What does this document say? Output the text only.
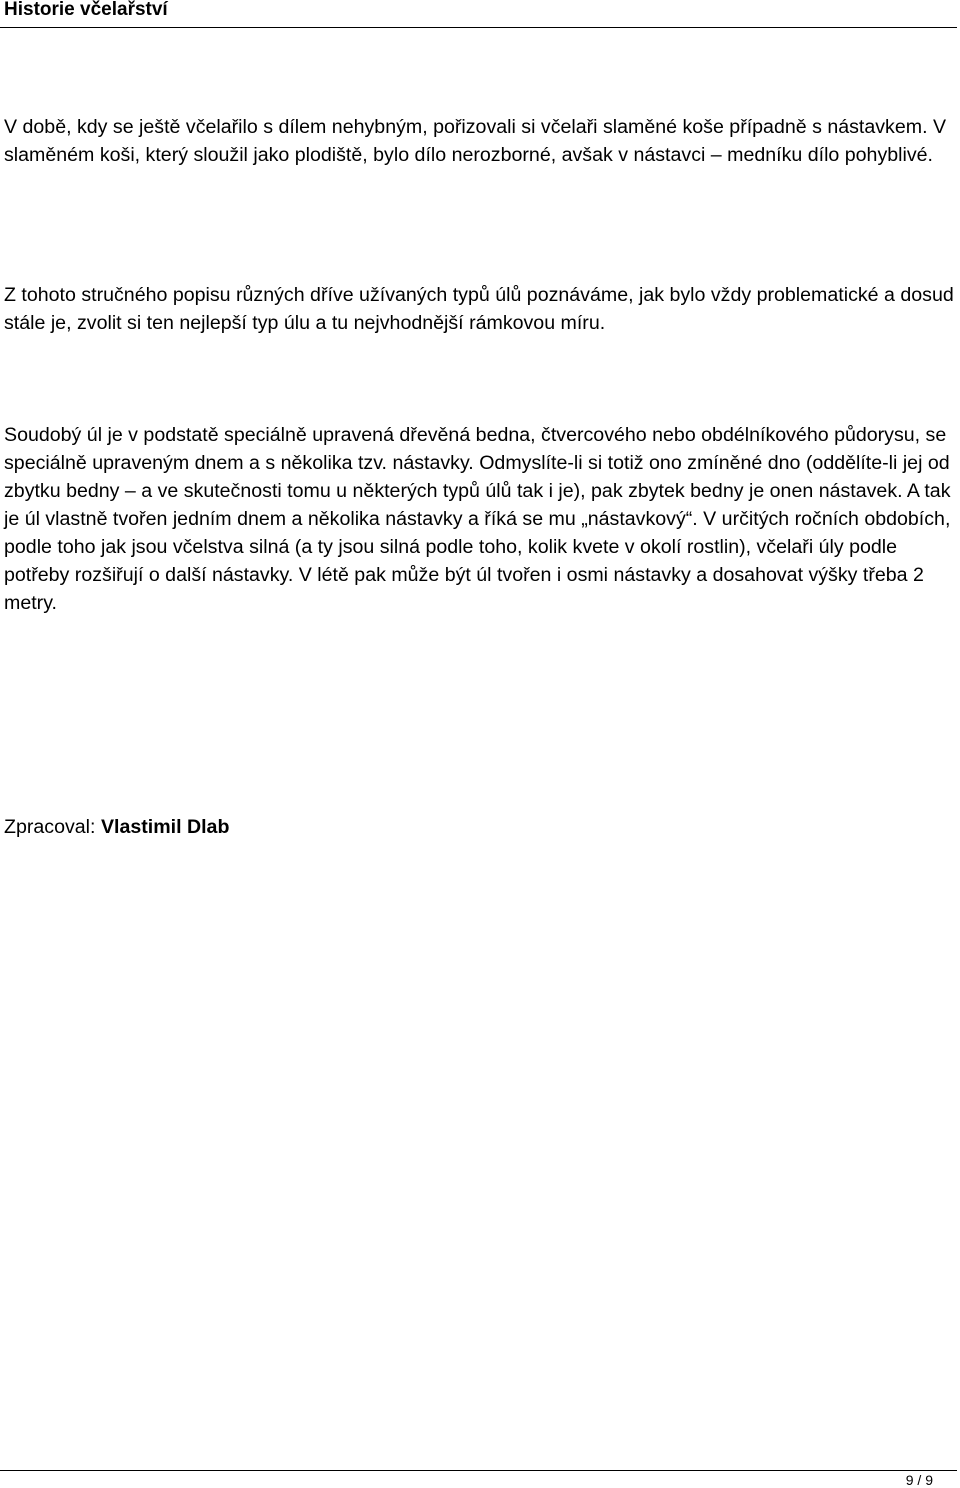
Historie včelařství

V době, kdy se ještě včelařilo s dílem nehybným, pořizovali si včelaři slaměné koše případně s nástavkem. V slaměném koši, který sloužil jako plodiště, bylo dílo nerozborné, avšak v nástavci – medníku dílo pohyblivé.

Z tohoto stručného popisu různých dříve užívaných typů úlů poznáváme, jak bylo vždy problematické a dosud stále je, zvolit si ten nejlepší typ úlu a tu nejvhodnější rámkovou míru.

Soudobý úl je v podstatě speciálně upravená dřevěná bedna, čtvercového nebo obdélníkového půdorysu, se speciálně upraveným dnem a s několika tzv. nástavky. Odmyslíte-li si totiž ono zmíněné dno (oddělíte-li jej od zbytku bedny – a ve skutečnosti tomu u některých typů úlů tak i je), pak zbytek bedny je onen nástavek. A tak je úl vlastně tvořen jedním dnem a několika nástavky a říká se mu „nástavkový“. V určitých ročních obdobích, podle toho jak jsou včelstva silná (a ty jsou silná podle toho, kolik kvete v okolí rostlin), včelaři úly podle potřeby rozšiřují o další nástavky. V létě pak může být úl tvořen i osmi nástavky a dosahovat výšky třeba 2 metry.

Zpracoval: Vlastimil Dlab
9 / 9
